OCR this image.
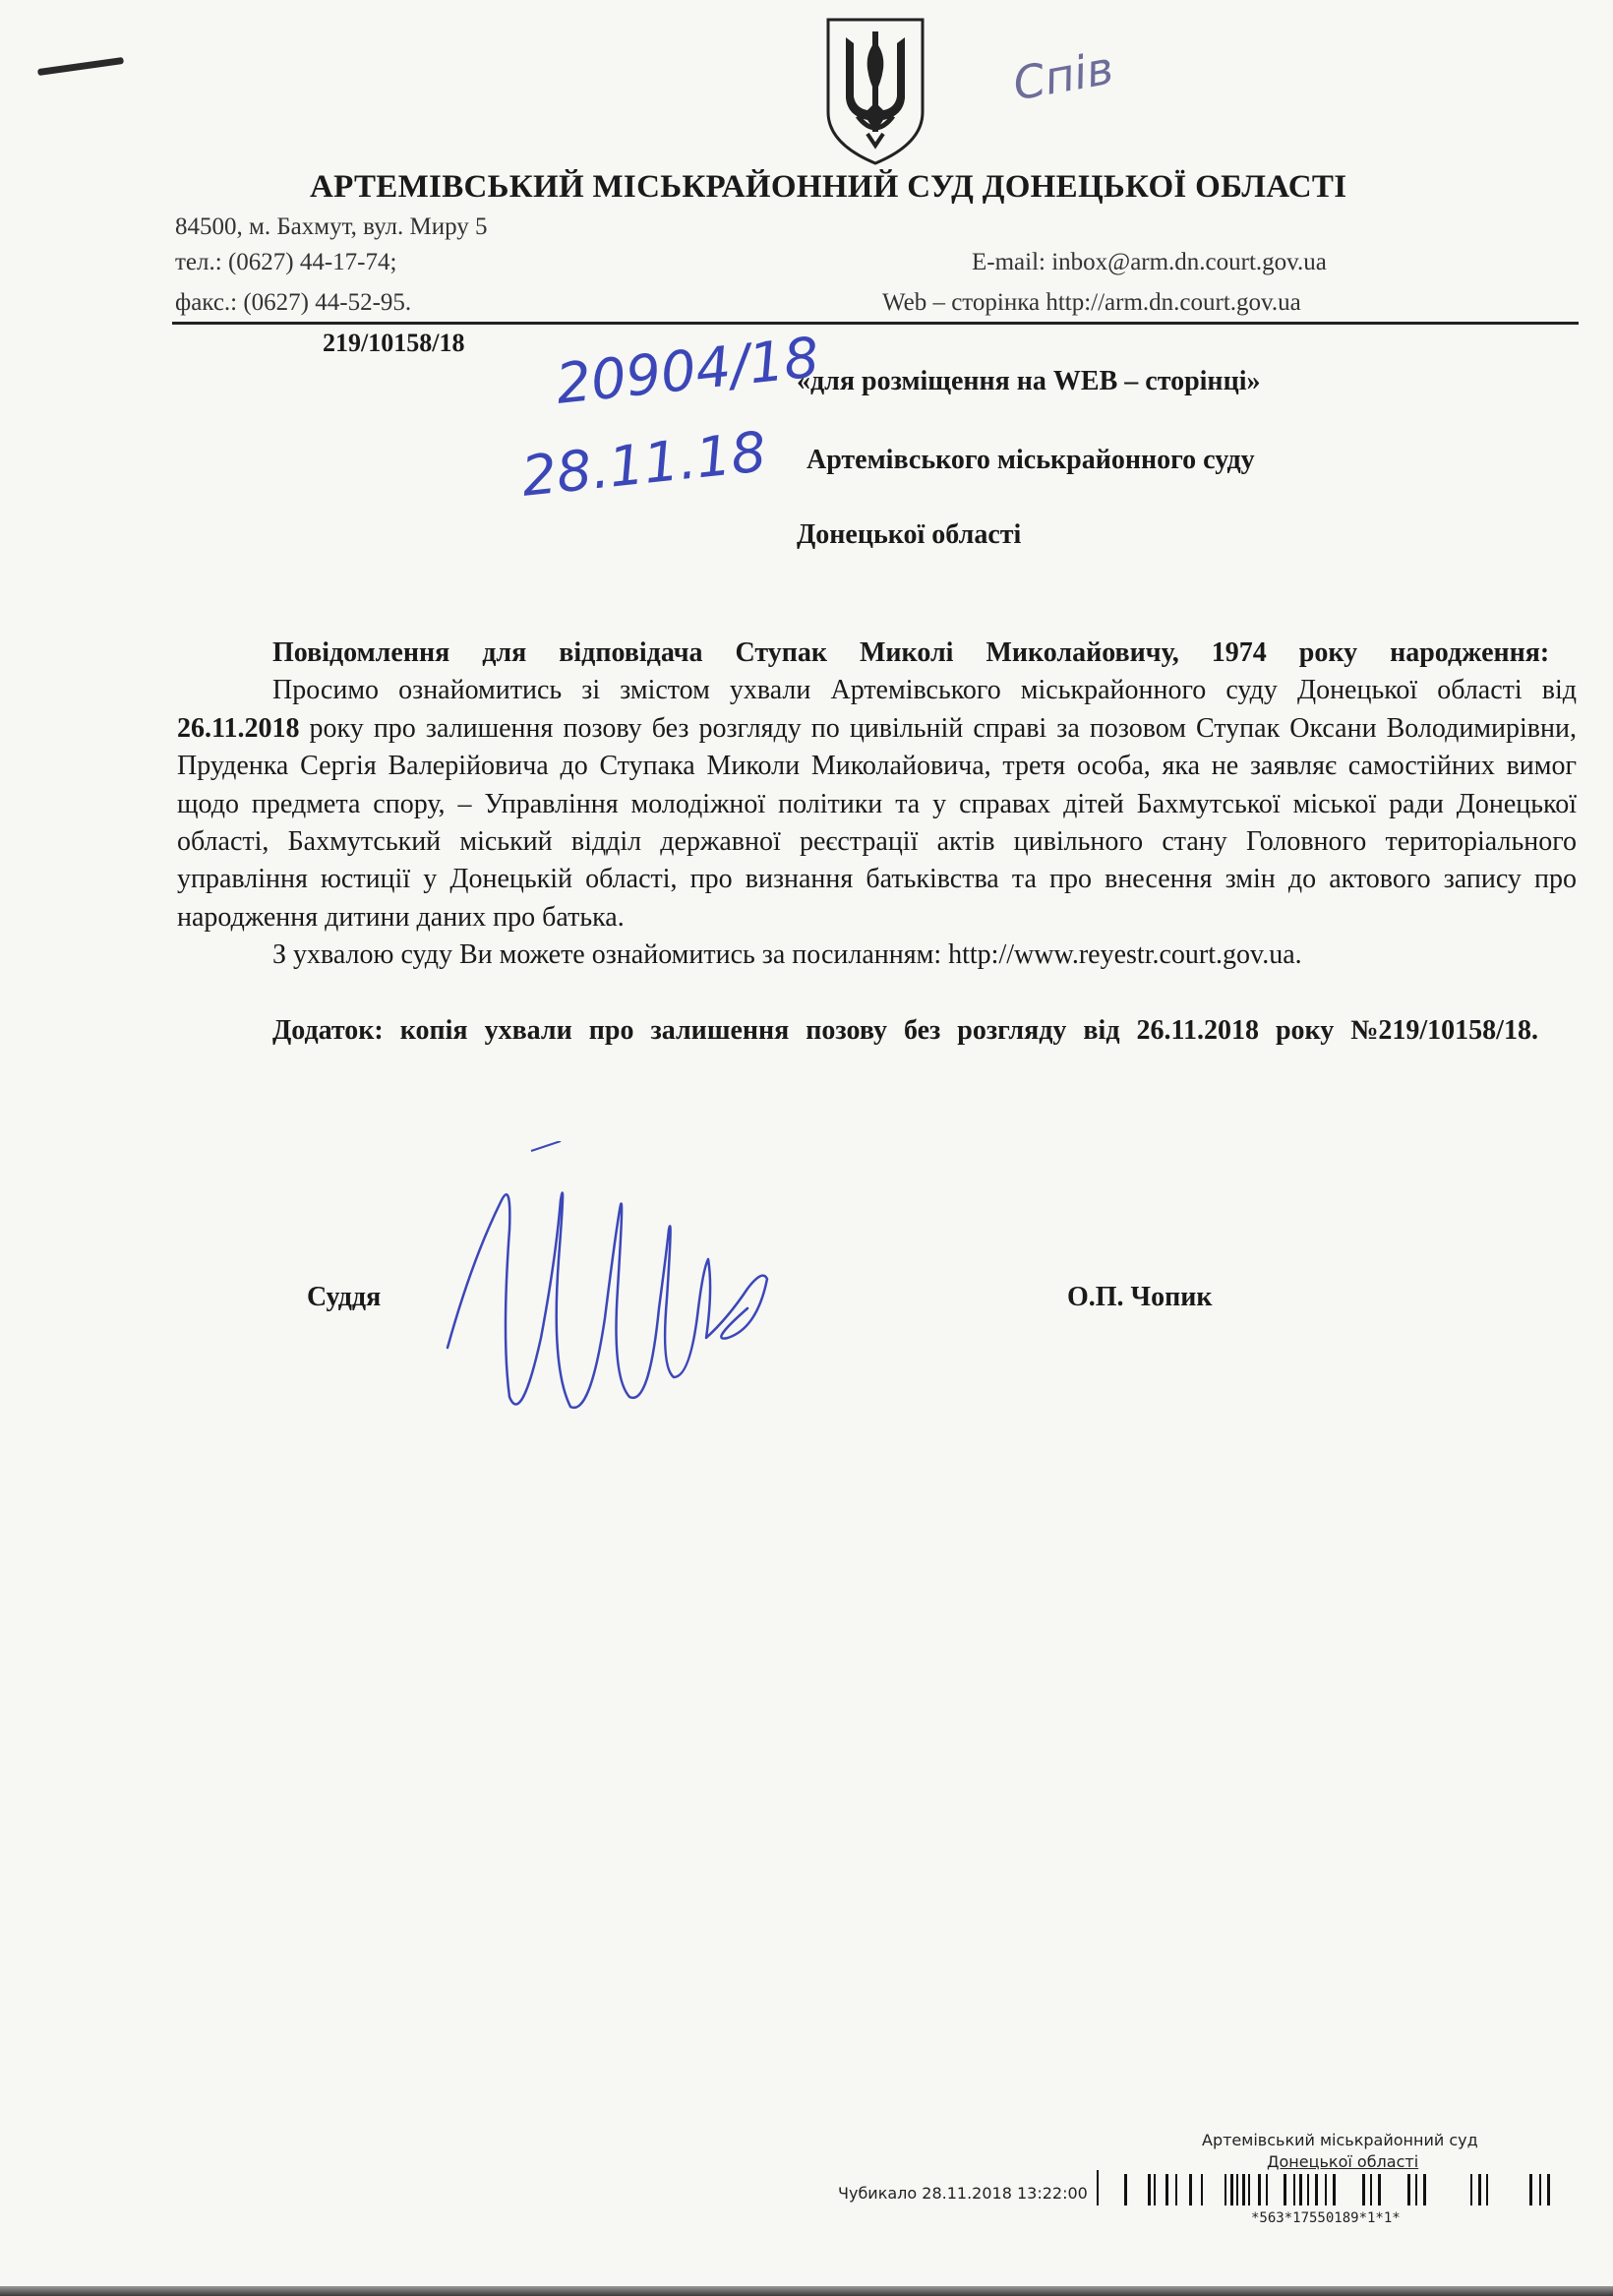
Спів
АРТЕМІВСЬКИЙ МІСЬКРАЙОННИЙ СУД ДОНЕЦЬКОЇ ОБЛАСТІ
84500, м. Бахмут, вул. Миру 5
тел.: (0627) 44-17-74;	E-mail: inbox@arm.dn.court.gov.ua
факс.: (0627) 44-52-95.	Web – сторінка http://arm.dn.court.gov.ua
219/10158/18 20904/18
28.11.18
«для розміщення на WEB – сторінці»
Артемівського міськрайонного суду
Донецької області

Повідомлення для відповідача Ступак Миколі Миколайовичу, 1974 року народження:

Просимо ознайомитись зі змістом ухвали Артемівського міськрайонного суду Донецької області від 26.11.2018 року про залишення позову без розгляду по цивільній справі за позовом Ступак Оксани Володимирівни, Пруденка Сергія Валерійовича до Ступака Миколи Миколайовича, третя особа, яка не заявляє самостійних вимог щодо предмета спору, – Управління молодіжної політики та у справах дітей Бахмутської міської ради Донецької області, Бахмутський міський відділ державної реєстрації актів цивільного стану Головного територіального управління юстиції у Донецькій області, про визнання батьківства та про внесення змін до актового запису про народження дитини даних про батька.

З ухвалою суду Ви можете ознайомитись за посиланням: http://www.reyestr.court.gov.ua.

Додаток: копія ухвали про залишення позову без розгляду від 26.11.2018 року №219/10158/18.

Суддя	О.П. Чопик
Артемівський міськрайонний суд
Донецької області
Чубикало 28.11.2018 13:22:00
*563*17550189*1*1*
